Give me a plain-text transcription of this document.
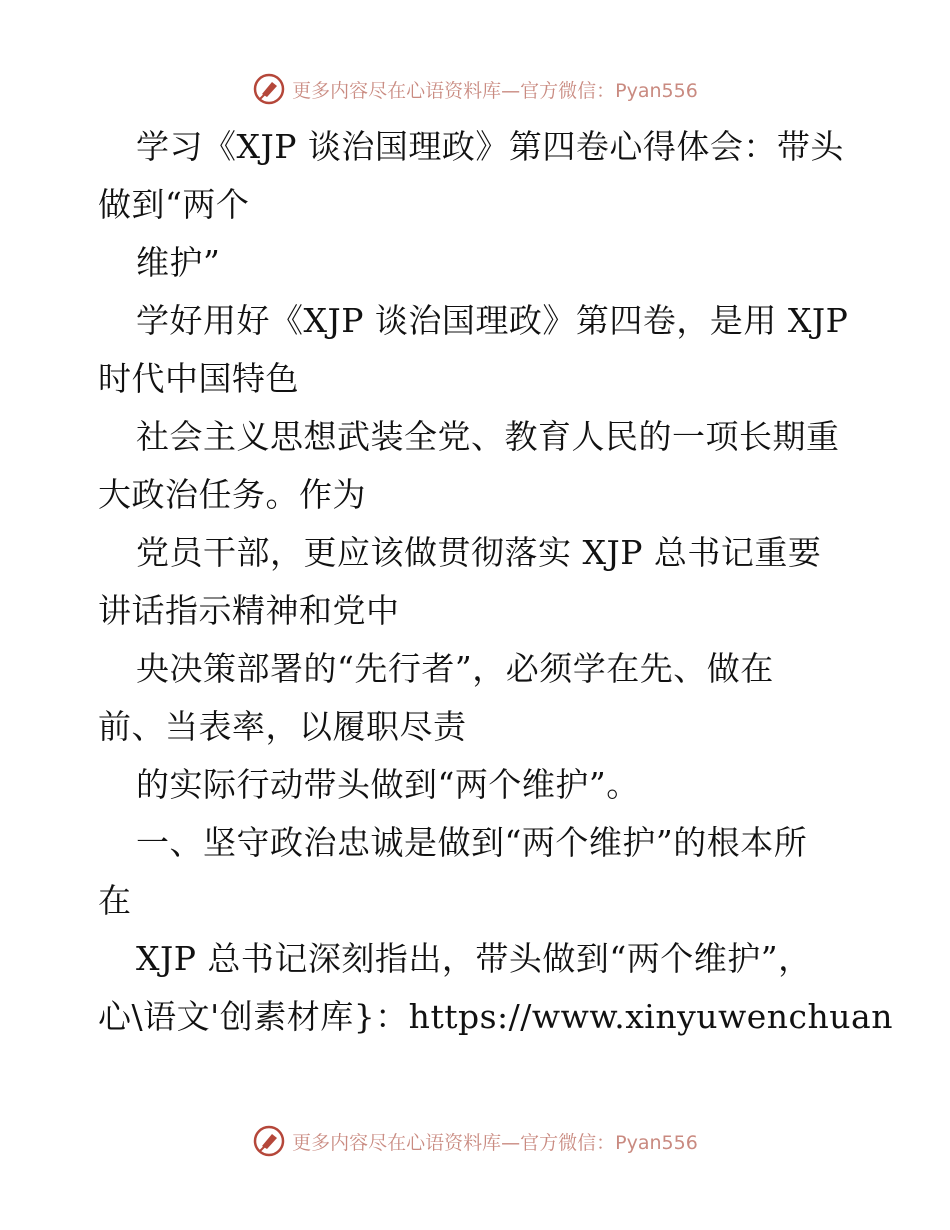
更多内容尽在心语资料库—官方微信：Pyan556
学习《XJP 谈治国理政》第四卷心得体会：带头
做到“两个
维护”
学好用好《XJP 谈治国理政》第四卷，是用 XJP
时代中国特色
社会主义思想武装全党、教育人民的一项长期重
大政治任务。作为
党员干部，更应该做贯彻落实 XJP 总书记重要
讲话指示精神和党中
央决策部署的“先行者”，必须学在先、做在
前、当表率，以履职尽责
的实际行动带头做到“两个维护”。
一、坚守政治忠诚是做到“两个维护”的根本所
在
XJP 总书记深刻指出，带头做到“两个维护”，
心\语文'创素材库}：https://www.xinyuwenchuan
更多内容尽在心语资料库—官方微信：Pyan556
